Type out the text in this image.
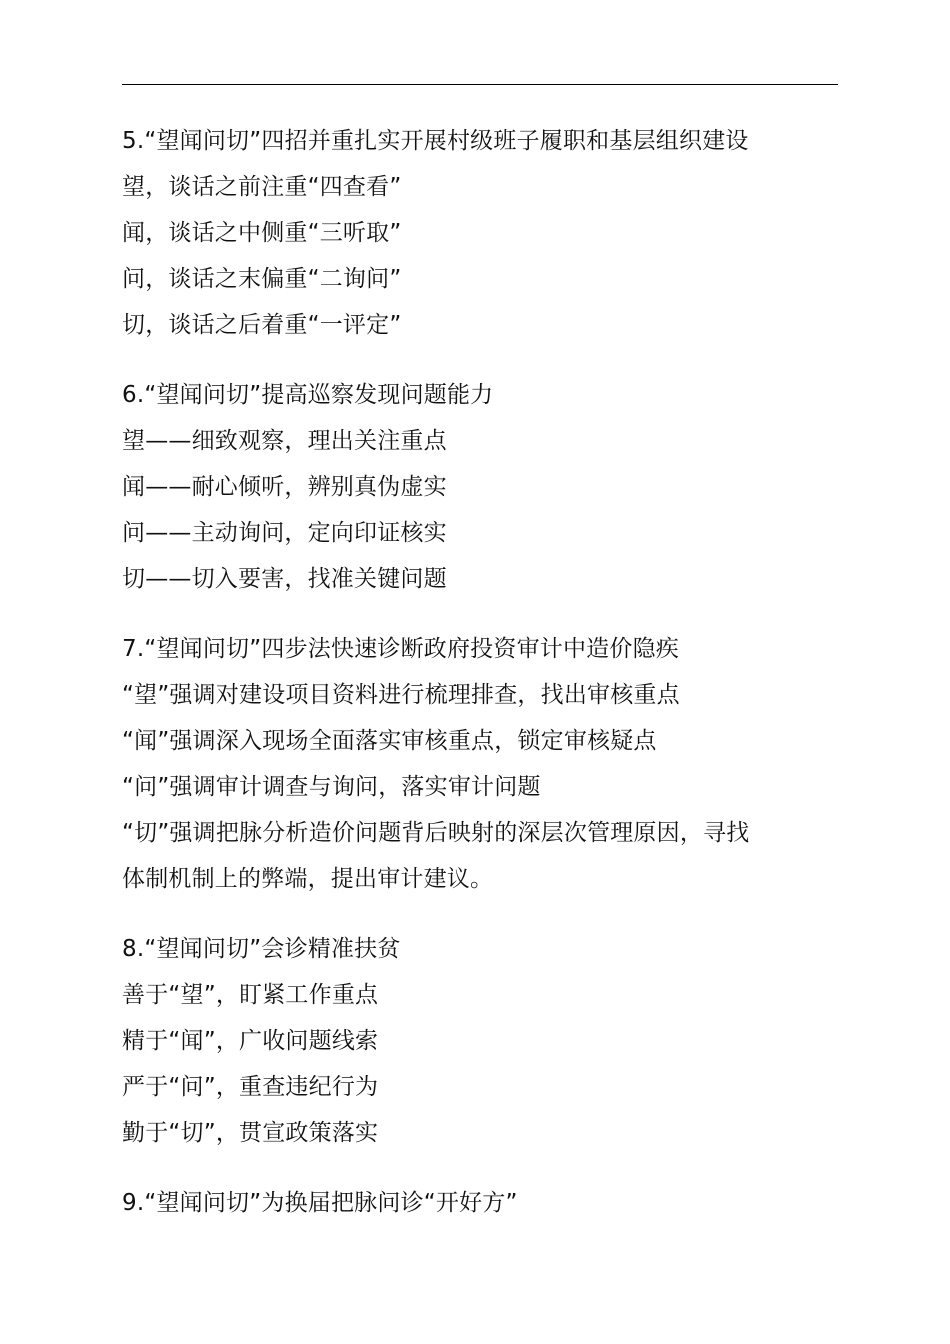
5.“望闻问切”四招并重扎实开展村级班子履职和基层组织建设
望，谈话之前注重“四查看”
闻，谈话之中侧重“三听取”
问，谈话之末偏重“二询问”
切，谈话之后着重“一评定”
6.“望闻问切”提高巡察发现问题能力
望——细致观察，理出关注重点
闻——耐心倾听，辨别真伪虚实
问——主动询问，定向印证核实
切——切入要害，找准关键问题
7.“望闻问切”四步法快速诊断政府投资审计中造价隐疾
“望”强调对建设项目资料进行梳理排查，找出审核重点
“闻”强调深入现场全面落实审核重点，锁定审核疑点
“问”强调审计调查与询问，落实审计问题
“切”强调把脉分析造价问题背后映射的深层次管理原因，寻找
体制机制上的弊端，提出审计建议。
8.“望闻问切”会诊精准扶贫
善于“望”，盯紧工作重点
精于“闻”，广收问题线索
严于“问”，重查违纪行为
勤于“切”，贯宣政策落实
9.“望闻问切”为换届把脉问诊“开好方”
